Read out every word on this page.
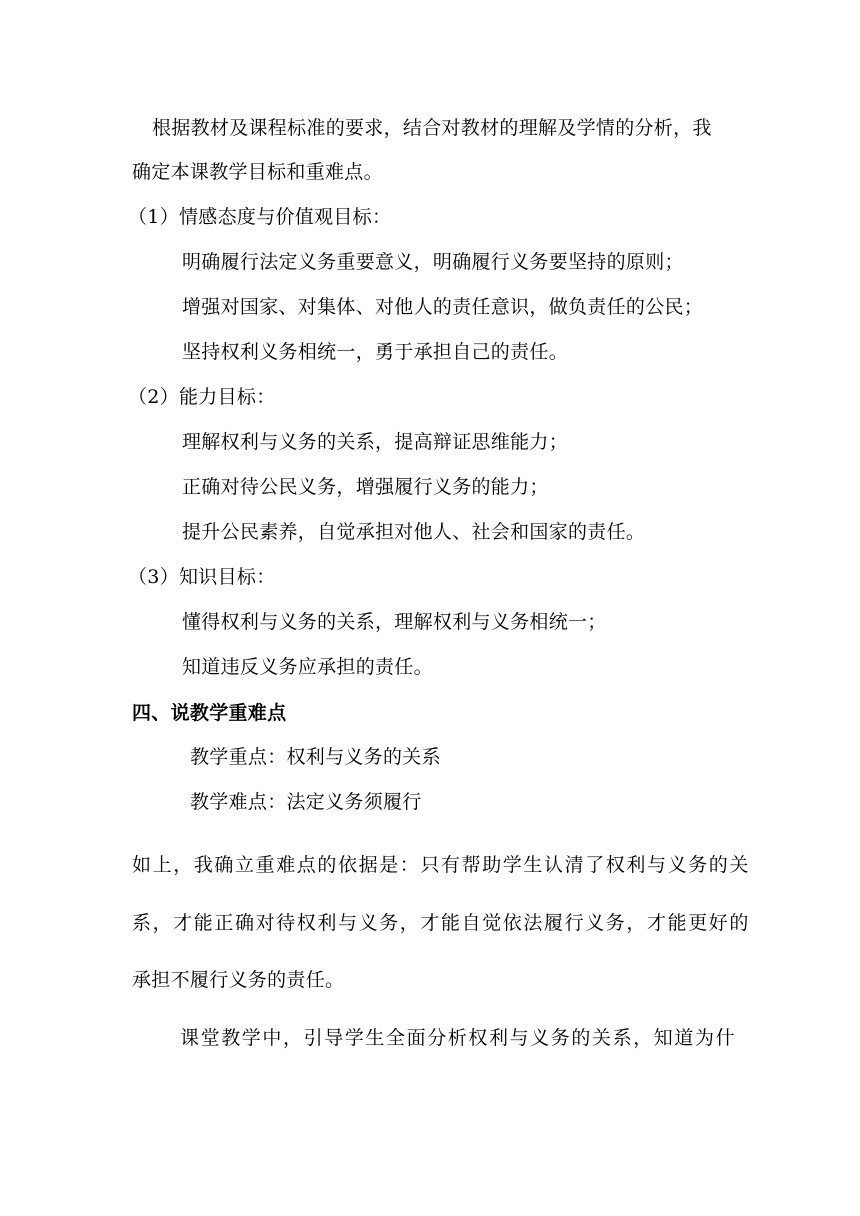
根据教材及课程标准的要求，结合对教材的理解及学情的分析，我
确定本课教学目标和重难点。
（1）情感态度与价值观目标：
明确履行法定义务重要意义，明确履行义务要坚持的原则；
增强对国家、对集体、对他人的责任意识，做负责任的公民；
坚持权利义务相统一，勇于承担自己的责任。
（2）能力目标：
理解权利与义务的关系，提高辩证思维能力；
正确对待公民义务，增强履行义务的能力；
提升公民素养，自觉承担对他人、社会和国家的责任。
（3）知识目标：
懂得权利与义务的关系，理解权利与义务相统一；
知道违反义务应承担的责任。
四、说教学重难点
教学重点：权利与义务的关系
教学难点：法定义务须履行
如上，我确立重难点的依据是：只有帮助学生认清了权利与义务的关
系，才能正确对待权利与义务，才能自觉依法履行义务，才能更好的
承担不履行义务的责任。
课堂教学中，引导学生全面分析权利与义务的关系，知道为什
